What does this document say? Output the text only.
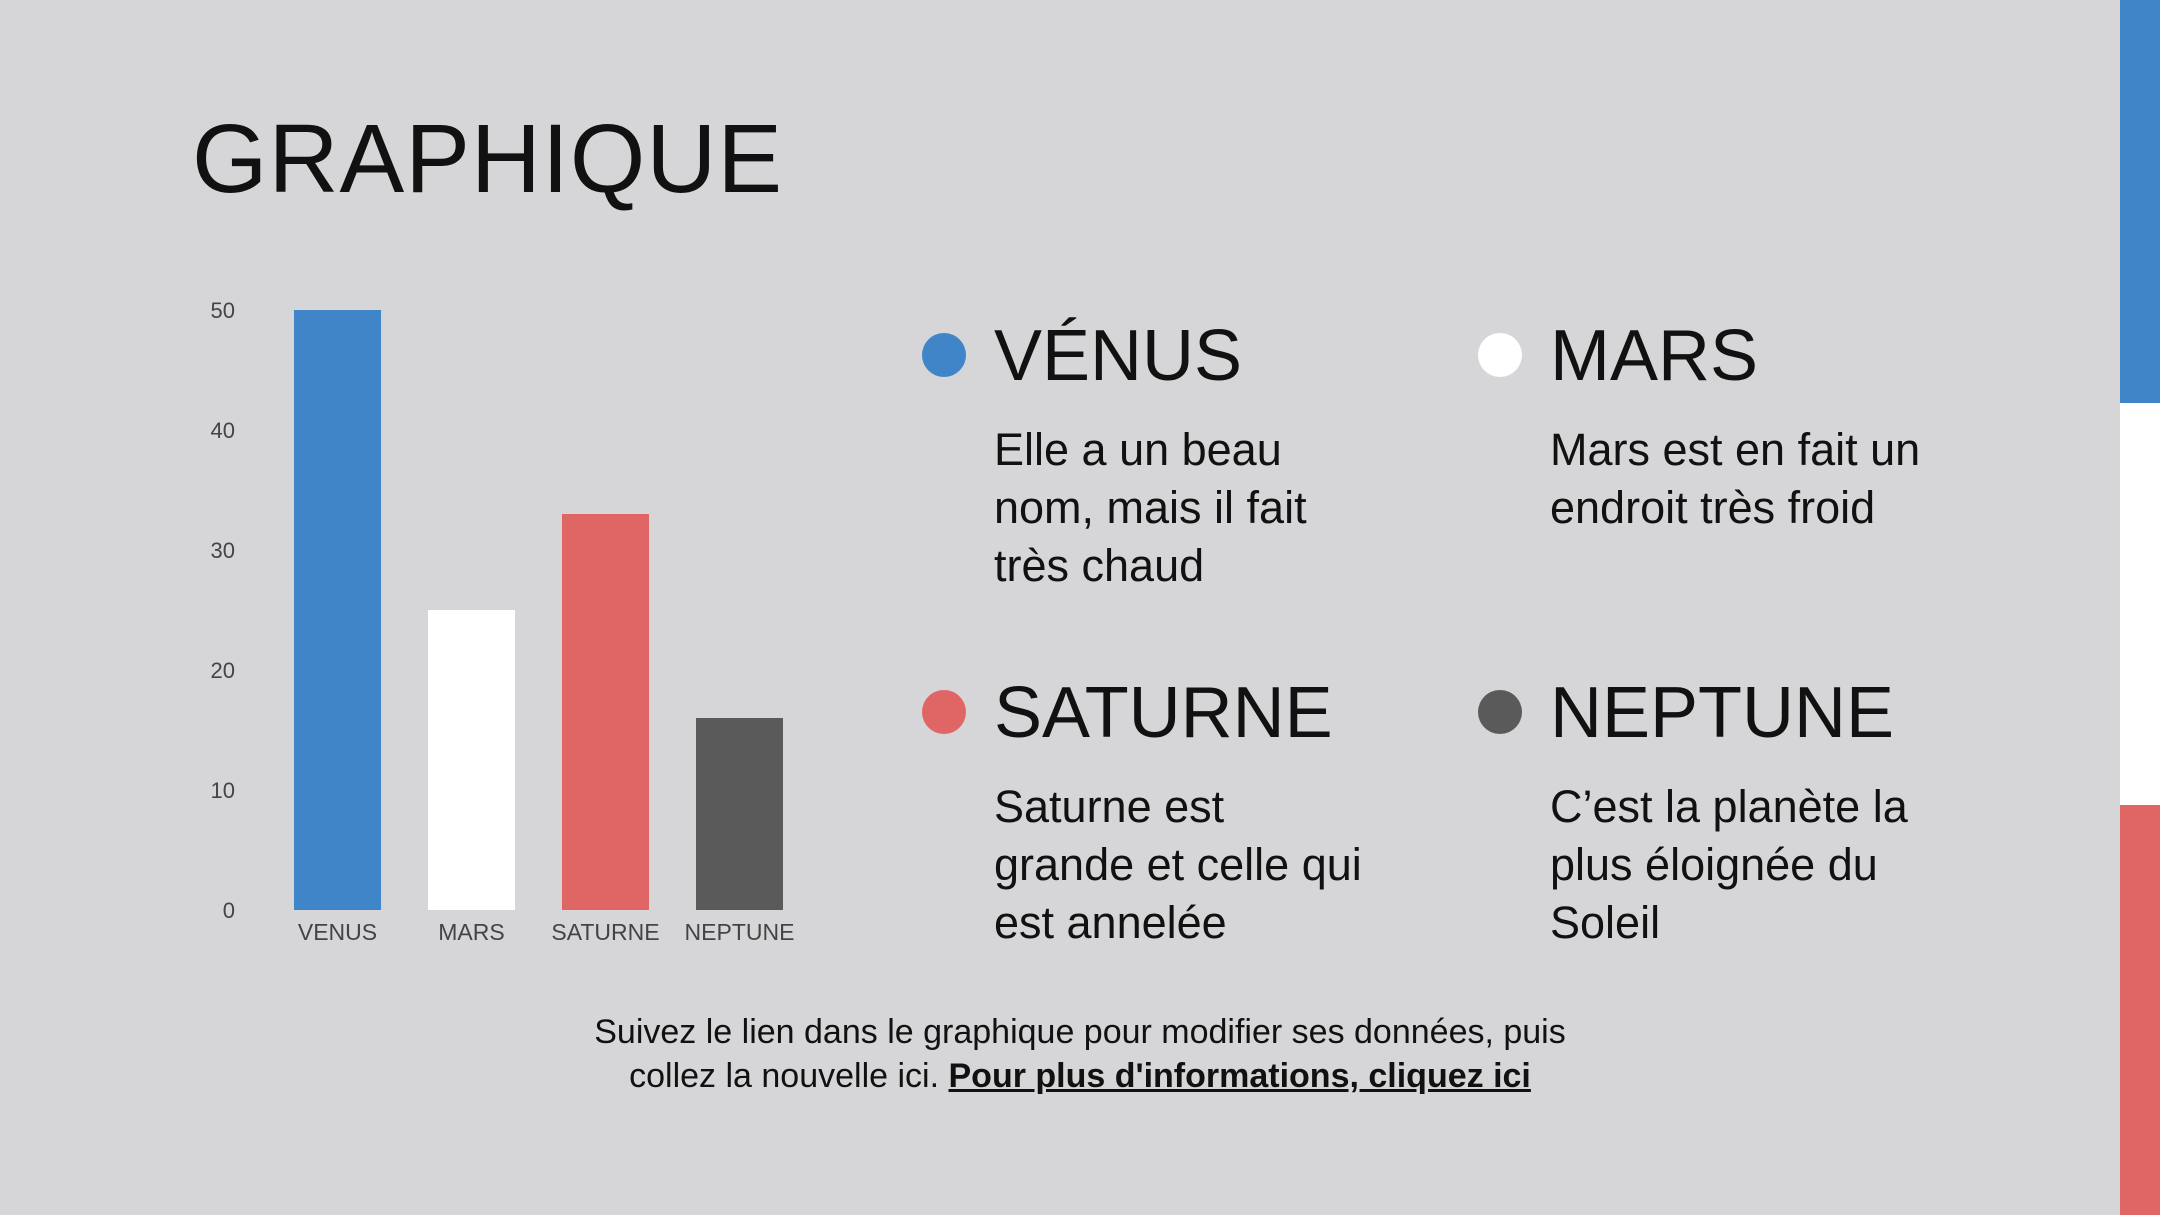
GRAPHIQUE
0
10
20
30
40
50
VENUS	MARS SATURNE NEPTUNE
VÉNUS
Elle a un beau nom, mais il fait très chaud
MARS
Mars est en fait un endroit très froid
SATURNE
Saturne est grande et celle qui est annelée
NEPTUNE
C’est la planète la plus éloignée du Soleil
Suivez le lien dans le graphique pour modifier ses données, puis
collez la nouvelle ici. Pour plus d'informations, cliquez ici
